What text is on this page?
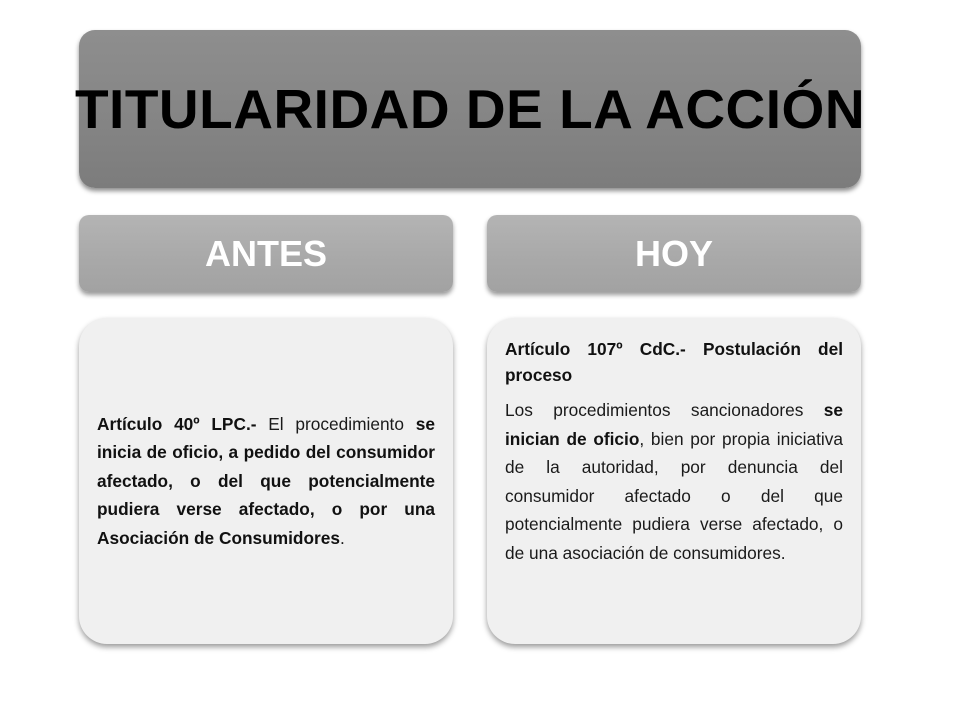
TITULARIDAD DE LA ACCIÓN
ANTES	HOY

Artículo 40º LPC.- El procedimiento se inicia de oficio, a pedido del consumidor afectado, o del que potencialmente pudiera verse afectado, o por una Asociación de Consumidores.

Artículo 107º CdC.- Postulación del proceso

Los procedimientos sancionadores se inician de oficio, bien por propia iniciativa de la autoridad, por denuncia del consumidor afectado o del que potencialmente pudiera verse afectado, o de una asociación de consumidores.
